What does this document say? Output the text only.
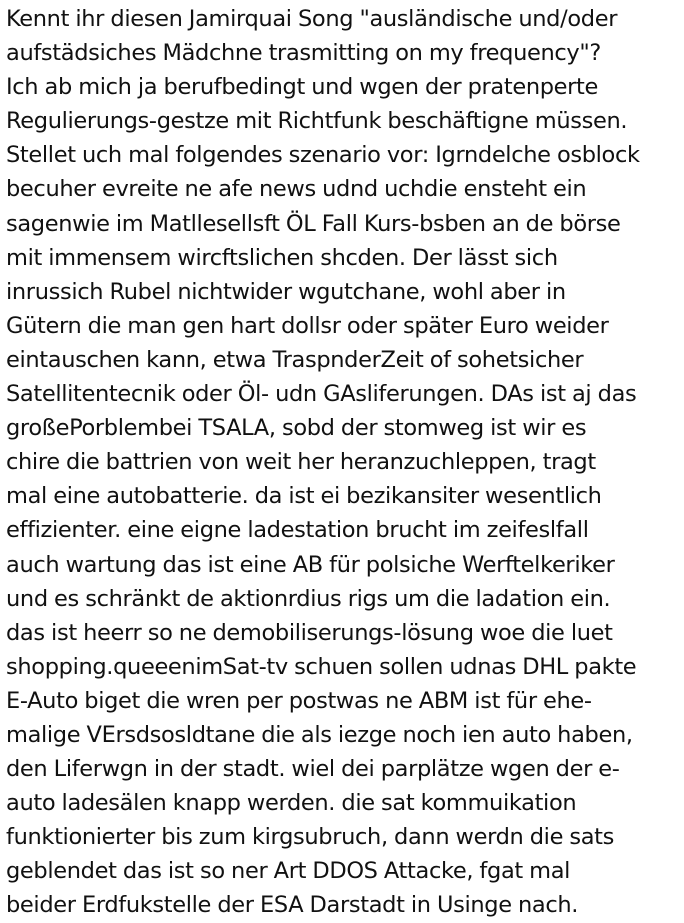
Kennt ihr diesen Jamirquai Song "ausländische und/oder
aufstädsiches Mädchne trasmitting on my frequency"?
Ich ab mich ja berufbedingt und wgen der pratenperte
Regulierungs-gestze mit Richtfunk beschäftigne müssen.
Stellet uch mal folgendes szenario vor: Igrndelche osblock
becuher evreite ne afe news udnd uchdie ensteht ein
sagenwie im Matllesellsft ÖL Fall Kurs-bsben an de börse
mit immensem wircftslichen shcden. Der lässt sich
inrussich Rubel nichtwider wgutchane, wohl aber in
Gütern die man gen hart dollsr oder später Euro weider
eintauschen kann, etwa TraspnderZeit of sohetsicher
Satellitentecnik oder Öl- udn GAsliferungen. DAs ist aj das
großePorblembei TSALA, sobd der stomweg ist wir es
chire die battrien von weit her heranzuchleppen, tragt
mal eine autobatterie. da ist ei bezikansiter wesentlich
effizienter. eine eigne ladestation brucht im zeifeslfall
auch wartung das ist eine AB für polsiche Werftelkeriker
und es schränkt de aktionrdius rigs um die ladation ein.
das ist heerr so ne demobiliserungs-lösung woe die luet
shopping.queeenimSat-tv schuen sollen udnas DHL pakte
E-Auto biget die wren per postwas ne ABM ist für ehe-
malige VErsdsosldtane die als iezge noch ien auto haben,
den Liferwgn in der stadt. wiel dei parplätze wgen der e-
auto ladesälen knapp werden. die sat kommuikation
funktionierter bis zum kirgsubruch, dann werdn die sats
geblendet das ist so ner Art DDOS Attacke, fgat mal
beider Erdfukstelle der ESA Darstadt in Usinge nach.
